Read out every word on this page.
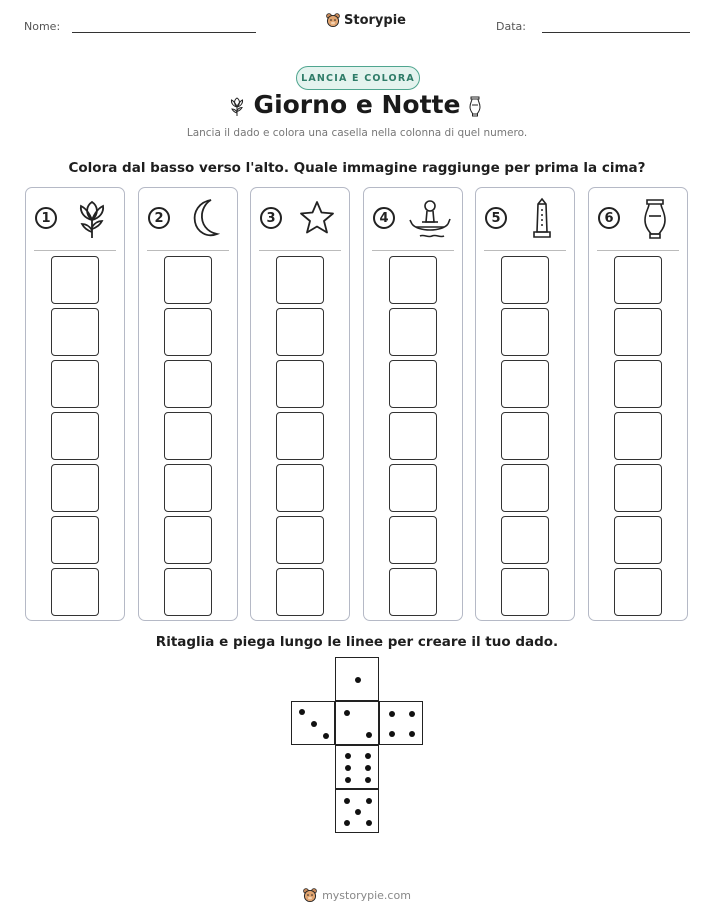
Nome:	Storypie	Data:
LANCIA E COLORA
Giorno e Notte
Lancia il dado e colora una casella nella colonna di quel numero.
Colora dal basso verso l'alto. Quale immagine raggiunge per prima la cima?
1	2	3	4	5	6
Ritaglia e piega lungo le linee per creare il tuo dado.
mystorypie.com
